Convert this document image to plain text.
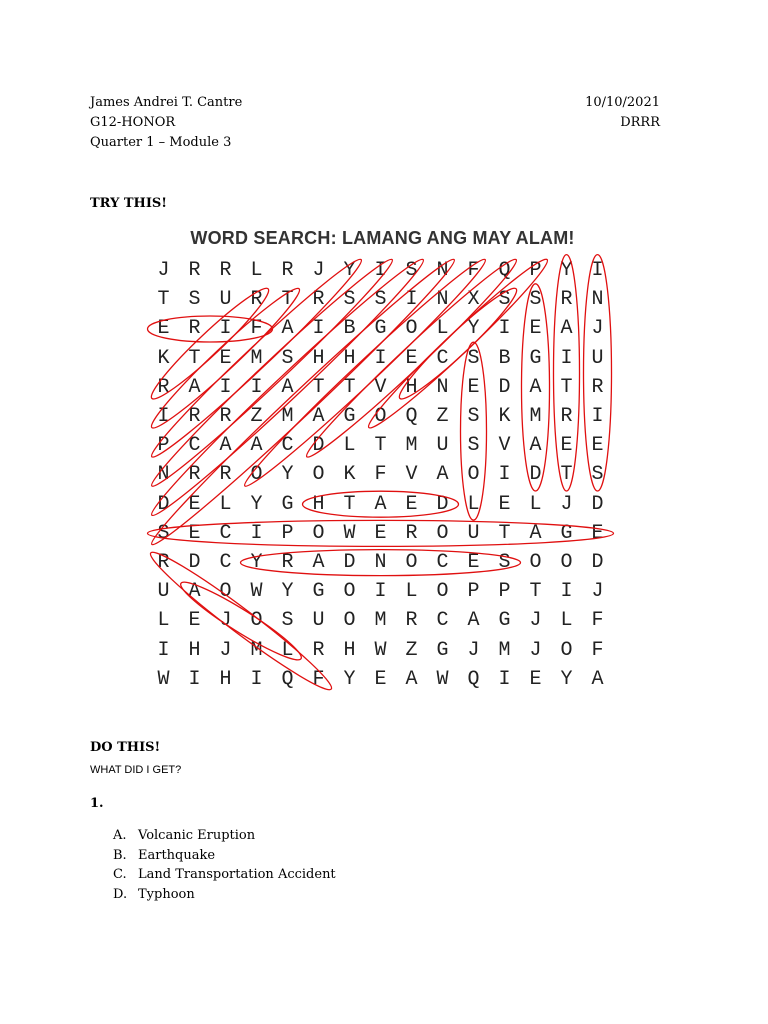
James Andrei T. Cantre
G12-HONOR
Quarter 1 – Module 3
10/10/2021
DRRR
TRY THIS!
WORD SEARCH: LAMANG ANG MAY ALAM!
J R R L R J Y I S N F Q P Y I
T S U R T R S S I N X S S R N
E R I F A I B G O L Y I E A J
K T E M S H H I E C S B G I U
R A I I A T T V H N E D A T R
I R R Z M A G O Q Z S K M R I
P C A A C D L T M U S V A E E
N R R O Y O K F V A O I D T S
D E L Y G H T A E D L E L J D
S E C I P O W E R O U T A G E
R D C Y R A D N O C E S O O D
U A O W Y G O I L O P P T I J
L E J O S U O M R C A G J L F
I H J M L R H W Z G J M J O F
W I H I Q F Y E A W Q I E Y A
DO THIS!
WHAT DID I GET?
1.
A. Volcanic Eruption
B. Earthquake
C. Land Transportation Accident
D. Typhoon
